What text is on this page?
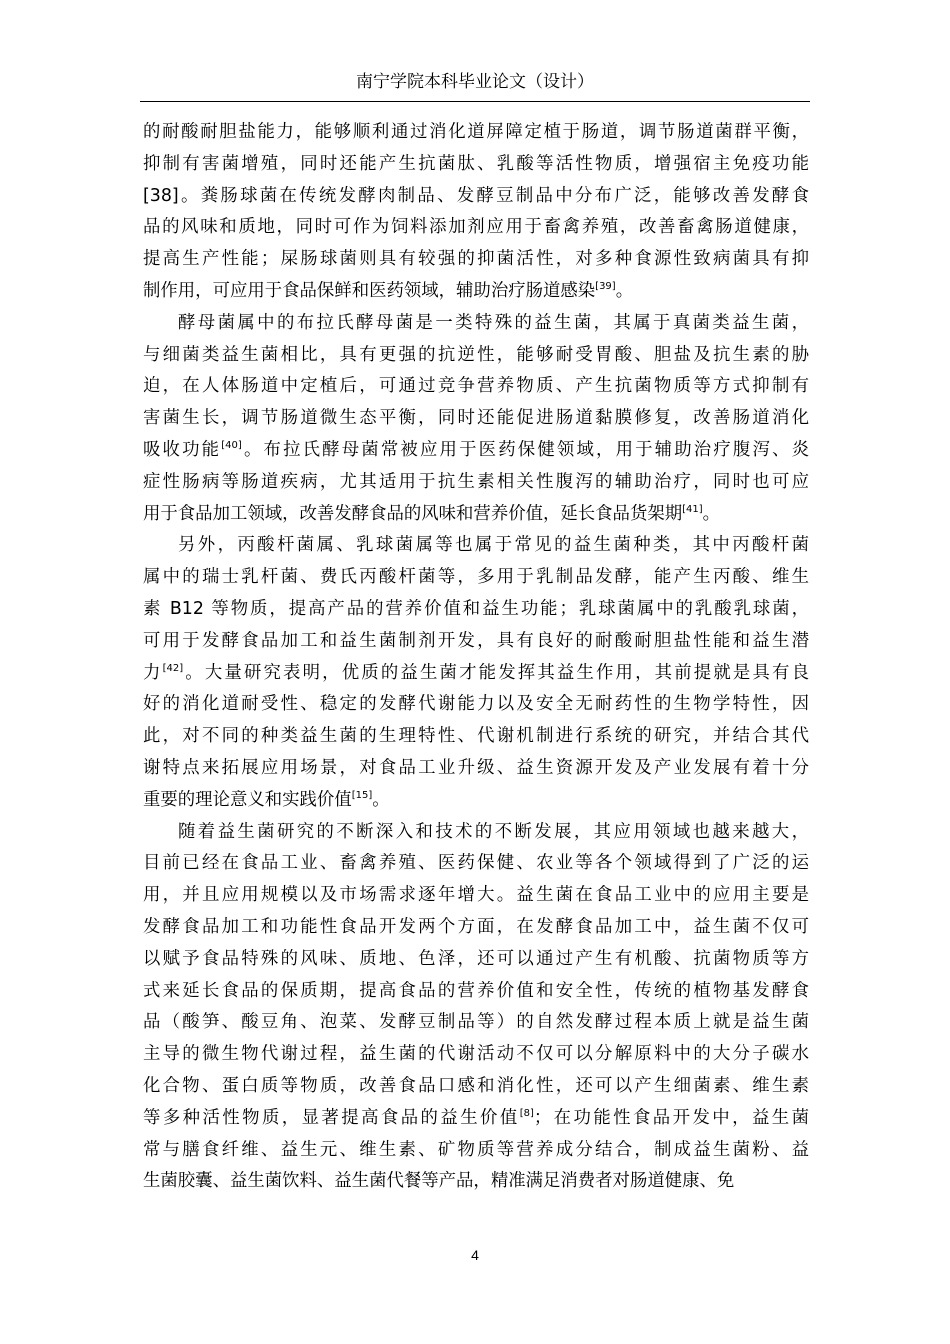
南宁学院本科毕业论文（设计）
的耐酸耐胆盐能力，能够顺利通过消化道屏障定植于肠道，调节肠道菌群平衡，
抑制有害菌增殖，同时还能产生抗菌肽、乳酸等活性物质，增强宿主免疫功能
[38]。粪肠球菌在传统发酵肉制品、发酵豆制品中分布广泛，能够改善发酵食
品的风味和质地，同时可作为饲料添加剂应用于畜禽养殖，改善畜禽肠道健康，
提高生产性能；屎肠球菌则具有较强的抑菌活性，对多种食源性致病菌具有抑
制作用，可应用于食品保鲜和医药领域，辅助治疗肠道感染[39]。
酵母菌属中的布拉氏酵母菌是一类特殊的益生菌，其属于真菌类益生菌，
与细菌类益生菌相比，具有更强的抗逆性，能够耐受胃酸、胆盐及抗生素的胁
迫，在人体肠道中定植后，可通过竞争营养物质、产生抗菌物质等方式抑制有
害菌生长，调节肠道微生态平衡，同时还能促进肠道黏膜修复，改善肠道消化
吸收功能[40]。布拉氏酵母菌常被应用于医药保健领域，用于辅助治疗腹泻、炎
症性肠病等肠道疾病，尤其适用于抗生素相关性腹泻的辅助治疗，同时也可应
用于食品加工领域，改善发酵食品的风味和营养价值，延长食品货架期[41]。
另外，丙酸杆菌属、乳球菌属等也属于常见的益生菌种类，其中丙酸杆菌
属中的瑞士乳杆菌、费氏丙酸杆菌等，多用于乳制品发酵，能产生丙酸、维生
素 B12 等物质，提高产品的营养价值和益生功能；乳球菌属中的乳酸乳球菌，
可用于发酵食品加工和益生菌制剂开发，具有良好的耐酸耐胆盐性能和益生潜
力[42]。大量研究表明，优质的益生菌才能发挥其益生作用，其前提就是具有良
好的消化道耐受性、稳定的发酵代谢能力以及安全无耐药性的生物学特性，因
此，对不同的种类益生菌的生理特性、代谢机制进行系统的研究，并结合其代
谢特点来拓展应用场景，对食品工业升级、益生资源开发及产业发展有着十分
重要的理论意义和实践价值[15]。
随着益生菌研究的不断深入和技术的不断发展，其应用领域也越来越大，
目前已经在食品工业、畜禽养殖、医药保健、农业等各个领域得到了广泛的运
用，并且应用规模以及市场需求逐年增大。益生菌在食品工业中的应用主要是
发酵食品加工和功能性食品开发两个方面，在发酵食品加工中，益生菌不仅可
以赋予食品特殊的风味、质地、色泽，还可以通过产生有机酸、抗菌物质等方
式来延长食品的保质期，提高食品的营养价值和安全性，传统的植物基发酵食
品（酸笋、酸豆角、泡菜、发酵豆制品等）的自然发酵过程本质上就是益生菌
主导的微生物代谢过程，益生菌的代谢活动不仅可以分解原料中的大分子碳水
化合物、蛋白质等物质，改善食品口感和消化性，还可以产生细菌素、维生素
等多种活性物质，显著提高食品的益生价值[8]；在功能性食品开发中，益生菌
常与膳食纤维、益生元、维生素、矿物质等营养成分结合，制成益生菌粉、益
生菌胶囊、益生菌饮料、益生菌代餐等产品，精准满足消费者对肠道健康、免
4
